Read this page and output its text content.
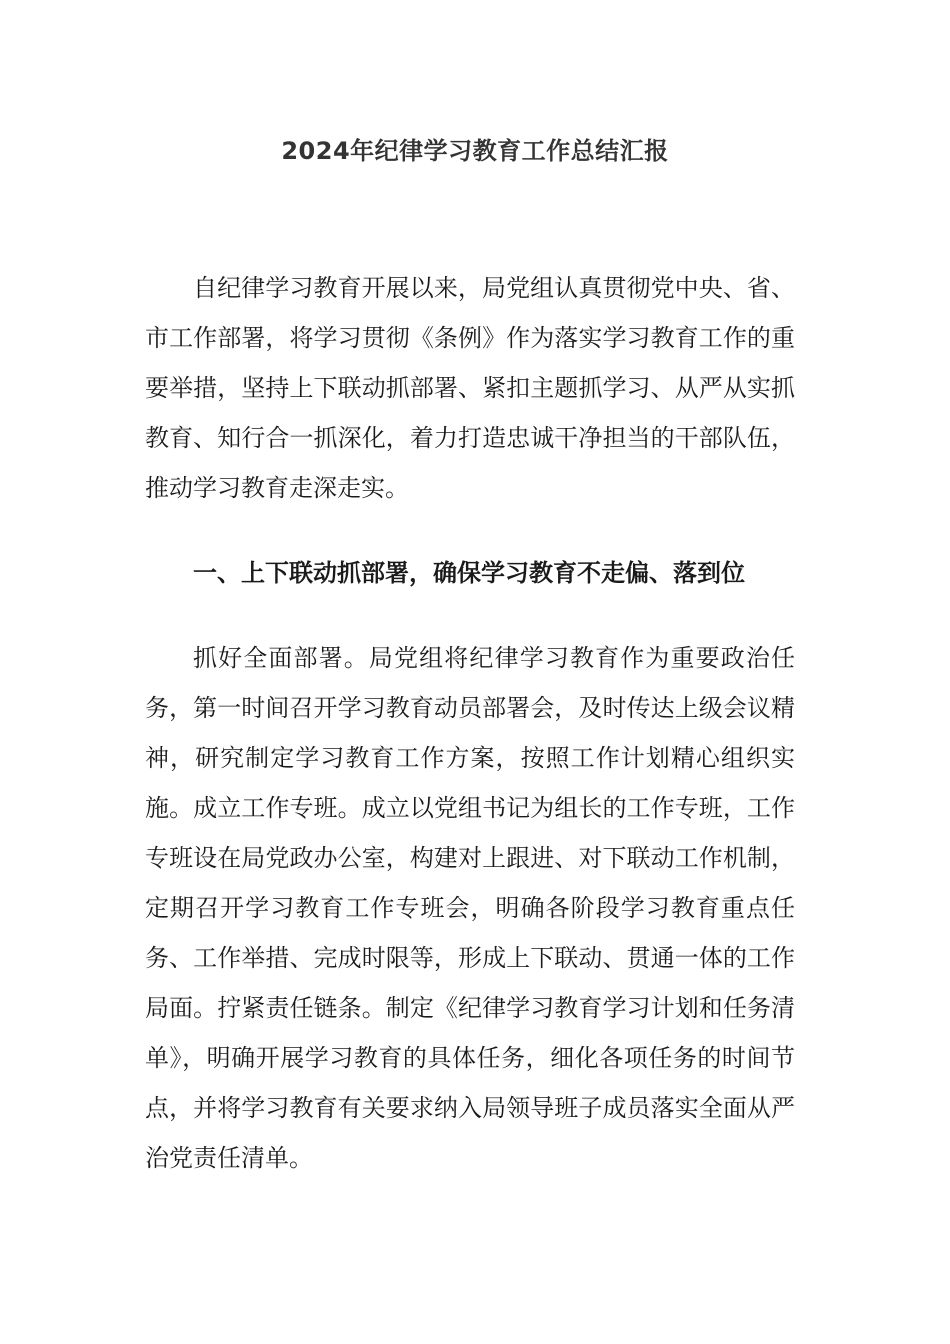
2024年纪律学习教育工作总结汇报

自纪律学习教育开展以来，局党组认真贯彻党中央、省、市工作部署，将学习贯彻《条例》作为落实学习教育工作的重要举措，坚持上下联动抓部署、紧扣主题抓学习、从严从实抓教育、知行合一抓深化，着力打造忠诚干净担当的干部队伍，推动学习教育走深走实。

一、上下联动抓部署，确保学习教育不走偏、落到位

抓好全面部署。局党组将纪律学习教育作为重要政治任务，第一时间召开学习教育动员部署会，及时传达上级会议精神，研究制定学习教育工作方案，按照工作计划精心组织实施。成立工作专班。成立以党组书记为组长的工作专班，工作专班设在局党政办公室，构建对上跟进、对下联动工作机制，定期召开学习教育工作专班会，明确各阶段学习教育重点任务、工作举措、完成时限等，形成上下联动、贯通一体的工作局面。拧紧责任链条。制定《纪律学习教育学习计划和任务清单》，明确开展学习教育的具体任务，细化各项任务的时间节点，并将学习教育有关要求纳入局领导班子成员落实全面从严治党责任清单。
